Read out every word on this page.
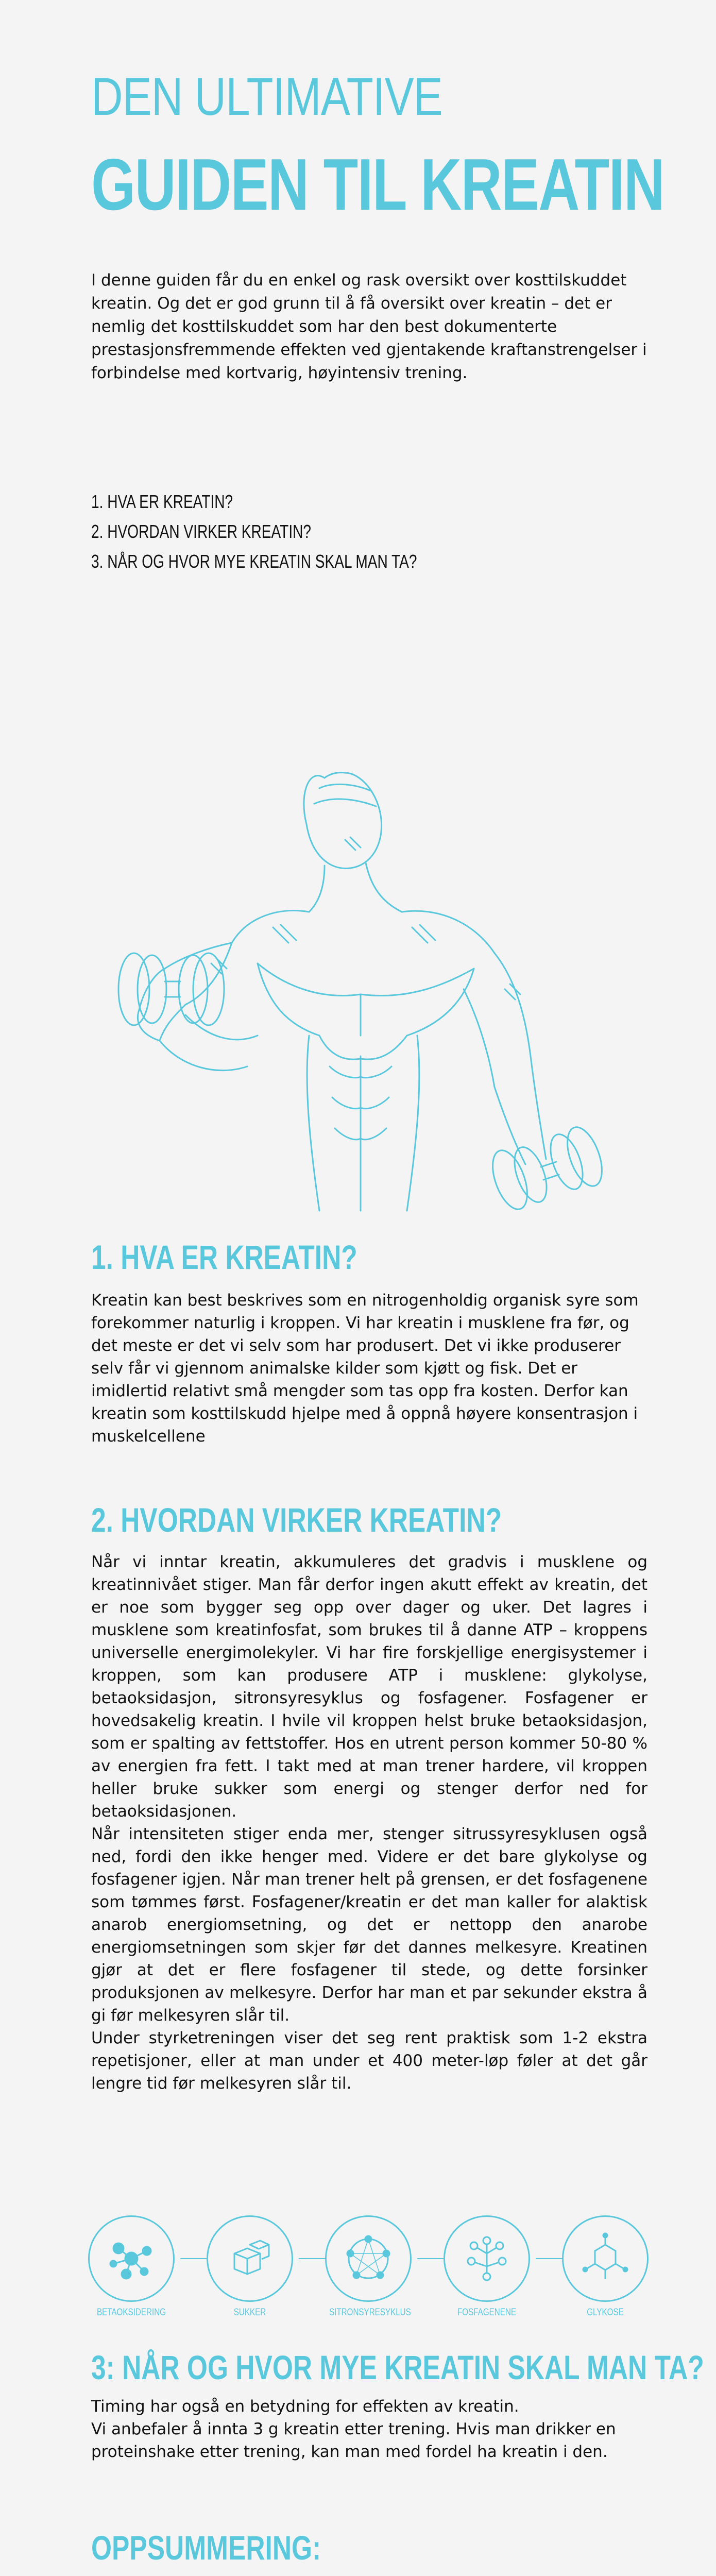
DEN ULTIMATIVE
GUIDEN TIL KREATIN
I denne guiden får du en enkel og rask oversikt over kosttilskuddet kreatin. Og det er god grunn til å få oversikt over kreatin – det er nemlig det kosttilskuddet som har den best dokumenterte prestasjonsfremmende effekten ved gjentakende kraftanstrengelser i forbindelse med kortvarig, høyintensiv trening.
1. HVA ER KREATIN?
2. HVORDAN VIRKER KREATIN?
3. NÅR OG HVOR MYE KREATIN SKAL MAN TA?
1. HVA ER KREATIN?
Kreatin kan best beskrives som en nitrogenholdig organisk syre som forekommer naturlig i kroppen. Vi har kreatin i musklene fra før, og det meste er det vi selv som har produsert. Det vi ikke produserer selv får vi gjennom animalske kilder som kjøtt og fisk. Det er imidlertid relativt små mengder som tas opp fra kosten. Derfor kan kreatin som kosttilskudd hjelpe med å oppnå høyere konsentrasjon i muskelcellene
2. HVORDAN VIRKER KREATIN?
Når vi inntar kreatin, akkumuleres det gradvis i musklene og kreatinnivået stiger. Man får derfor ingen akutt effekt av kreatin, det er noe som bygger seg opp over dager og uker. Det lagres i musklene som kreatinfosfat, som brukes til å danne ATP – kroppens universelle energimolekyler. Vi har fire forskjellige energisystemer i kroppen, som kan produsere ATP i musklene: glykolyse, betaoksidasjon, sitronsyresyklus og fosfagener. Fosfagener er hovedsakelig kreatin. I hvile vil kroppen helst bruke betaoksidasjon, som er spalting av fettstoffer. Hos en utrent person kommer 50-80 % av energien fra fett. I takt med at man trener hardere, vil kroppen heller bruke sukker som energi og stenger derfor ned for betaoksidasjonen.
Når intensiteten stiger enda mer, stenger sitrussyresyklusen også ned, fordi den ikke henger med. Videre er det bare glykolyse og fosfagener igjen. Når man trener helt på grensen, er det fosfagenene som tømmes først. Fosfagener/kreatin er det man kaller for alaktisk anarob energiomsetning, og det er nettopp den anarobe energiomsetningen som skjer før det dannes melkesyre. Kreatinen gjør at det er flere fosfagener til stede, og dette forsinker produksjonen av melkesyre. Derfor har man et par sekunder ekstra å gi før melkesyren slår til.
Under styrketreningen viser det seg rent praktisk som 1-2 ekstra repetisjoner, eller at man under et 400 meter-løp føler at det går lengre tid før melkesyren slår til.
BETAOKSIDERING	SUKKER	SITRONSYRESYKLUS	FOSFAGENENE	GLYKOSE
3: NÅR OG HVOR MYE KREATIN SKAL MAN TA?
Timing har også en betydning for effekten av kreatin.
Vi anbefaler å innta 3 g kreatin etter trening. Hvis man drikker en proteinshake etter trening, kan man med fordel ha kreatin i den.
OPPSUMMERING:
